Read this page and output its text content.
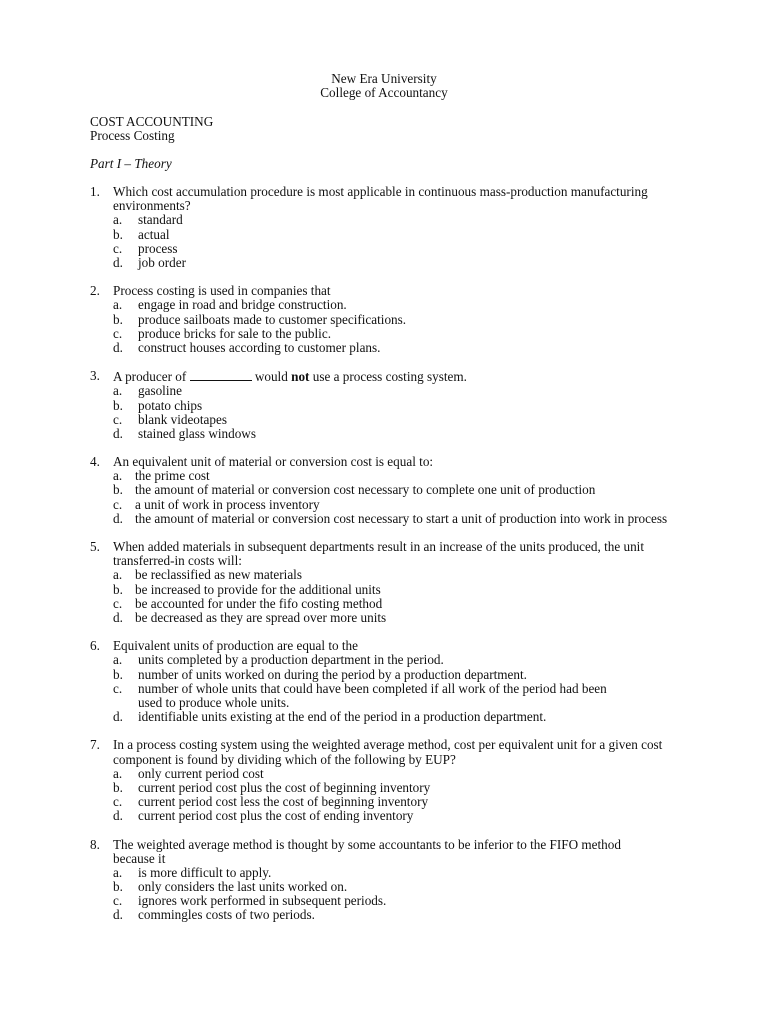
New Era University
College of Accountancy
COST ACCOUNTING
Process Costing
Part I – Theory
1. Which cost accumulation procedure is most applicable in continuous mass-production manufacturing environments?
a.	standard
b.	actual
c.	process
d.	job order
2. Process costing is used in companies that
a.	engage in road and bridge construction.
b.	produce sailboats made to customer specifications.
c.	produce bricks for sale to the public.
d.	construct houses according to customer plans.
3. A producer of	would not use a process costing system.
a.	gasoline
b.	potato chips
c.	blank videotapes
d.	stained glass windows
4. An equivalent unit of material or conversion cost is equal to:
a. the prime cost
b. the amount of material or conversion cost necessary to complete one unit of production
c. a unit of work in process inventory
d. the amount of material or conversion cost necessary to start a unit of production into work in process
5. When added materials in subsequent departments result in an increase of the units produced, the unit transferred-in costs will:
a. be reclassified as new materials
b. be increased to provide for the additional units
c. be accounted for under the fifo costing method
d. be decreased as they are spread over more units
6. Equivalent units of production are equal to the
a.	units completed by a production department in the period.
b.	number of units worked on during the period by a production department.
c.	number of whole units that could have been completed if all work of the period had been used to produce whole units.
d.	identifiable units existing at the end of the period in a production department.
7. In a process costing system using the weighted average method, cost per equivalent unit for a given cost component is found by dividing which of the following by EUP?
a.	only current period cost
b.	current period cost plus the cost of beginning inventory
c.	current period cost less the cost of beginning inventory
d.	current period cost plus the cost of ending inventory
8. The weighted average method is thought by some accountants to be inferior to the FIFO method because it
a.	is more difficult to apply.
b.	only considers the last units worked on.
c.	ignores work performed in subsequent periods.
d.	commingles costs of two periods.
